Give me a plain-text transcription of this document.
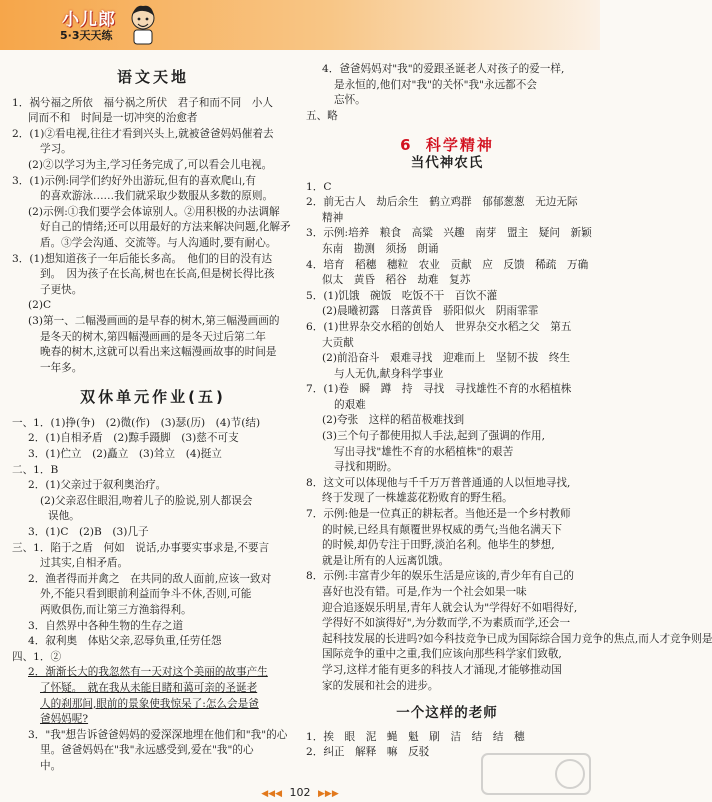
小儿郎
5·3天天练
语文天地
1．祸兮福之所依　福兮祸之所伏　君子和而不同　小人
同而不和　时间是一切冲突的治愈者
2．(1)②看电视,往往才看到兴头上,就被爸爸妈妈催着去
学习。
(2)②以学习为主,学习任务完成了,可以看会儿电视。
3．(1)示例:同学们约好外出游玩,但有的喜欢爬山,有
的喜欢游泳……我们就采取少数服从多数的原则。
(2)示例:①我们要学会体谅别人。②用积极的办法调解
好自己的情绪;还可以用最好的方法来解决问题,化解矛
盾。③学会沟通、交流等。与人沟通时,要有耐心。
3．(1)想知道孩子一年后能长多高。　他们的目的没有达
到。　因为孩子在长高,树也在长高,但是树长得比孩
子更快。
(2)C
(3)第一、二幅漫画画的是早春的树木,第三幅漫画画的
是冬天的树木,第四幅漫画画的是冬天过后第二年
晚春的树木,这就可以看出来这幅漫画故事的时间是
一年多。
双休单元作业(五)
一、1．(1)挣(争)　(2)微(作)　(3)瑟(历)　(4)节(结)
2．(1)自相矛盾　(2)黥手蹑脚　(3)慈不可支
3．(1)伫立　(2)矗立　(3)耸立　(4)挺立
二、1．B
2．(1)父亲过于叙利奥治疗。
(2)父亲忍住眼泪,吻着儿子的脸说,别人都误会
误他。
3．(1)C　(2)B　(3)几子
三、1．陷于之盾　何如　说话,办事要实事求是,不要言
过其实,自相矛盾。
2．渔者得而并禽之　在共同的敌人面前,应该一致对
外,不能只看到眼前利益而争斗不休,否则,可能
两败俱伤,而让第三方渔翁得利。
3．自然界中各种生物的生存之道
4．叙利奥　体贴父亲,忍辱负重,任劳任怨
四、1．②
2．渐渐长大的我忽然有一天对这个美丽的故事产生
了怀疑。　就在我从未能目睹和蔼可亲的圣诞老
人的刹那间,眼前的景象使我惊呆了:怎么会是爸
爸妈妈呢?
3．"我"想告诉爸爸妈妈的爱深深地埋在他们和"我"的心
里。爸爸妈妈在"我"永远感受到,爱在"我"的心
中。
4．爸爸妈妈对"我"的爱跟圣诞老人对孩子的爱一样,
是永恒的,他们对"我"的关怀"我"永远都不会
忘怀。
五、略
6 科学精神
当代神农氏
1．C
2．前无古人　劫后余生　鹤立鸡群　郁郁葱葱　无边无际
精神
3．示例:培养　粮食　高粱　兴趣　南芽　盟主　疑问　新颖
东南　勘测　须扬　朗诵
4．培育　稻穗　穗粒　农业　贡献　应　反馈　稀疏　万确
似太　黄昏　稻谷　劫难　复苏
5．(1)饥饿　碗饭　吃饭不干　百饮不灌
(2)晨曦初露　日落黄昏　骄阳似火　阴雨霏霏
6．(1)世界杂交水稻的创始人　世界杂交水稻之父　第五
大贡献
(2)前沿奋斗　艰难寻找　迎难而上　坚韧不拔　终生
与人无仇,献身科学事业
7．(1)卷　瞬　蹲　持　寻找　寻找雄性不育的水稻植株
的艰难
(2)夸张　这样的稻苗极难找到
(3)三个句子都使用拟人手法,起到了强调的作用,
写出寻找"雄性不育的水稻植株"的艰苦
寻找和期盼。
8．这文可以体现他与千千万万普普通通的人以恒地寻找,
终于发现了一株雄蕊花粉败育的野生稻。
7．示例:他是一位真正的耕耘者。当他还是一个乡村教师
的时候,已经具有颠覆世界权威的勇气;当他名满天下
的时候,却仍专注于田野,淡泊名利。他毕生的梦想,
就是让所有的人远离饥饿。
8．示例:丰富青少年的娱乐生活是应该的,青少年有自己的
喜好也没有错。可是,作为一个社会如果一味
迎合追逐娱乐明星,青年人就会认为"学得好不如唱得好,
学得好不如演得好",为分数而学,不为素质而学,还会一
起科技发展的长进吗?如今科技竞争已成为国际综合国力竞争的焦点,而人才竞争则是
国际竞争的重中之重,我们应该向那些科学家们致敬,
学习,这样才能有更多的科技人才涌现,才能够推动国
家的发展和社会的进步。
一个这样的老师
1．挨　眼　泥　蝇　魁　刷　洁　结　结　穗
2．纠正　解释　嘛　反驳
◀◀◀ 102 ▶▶▶
